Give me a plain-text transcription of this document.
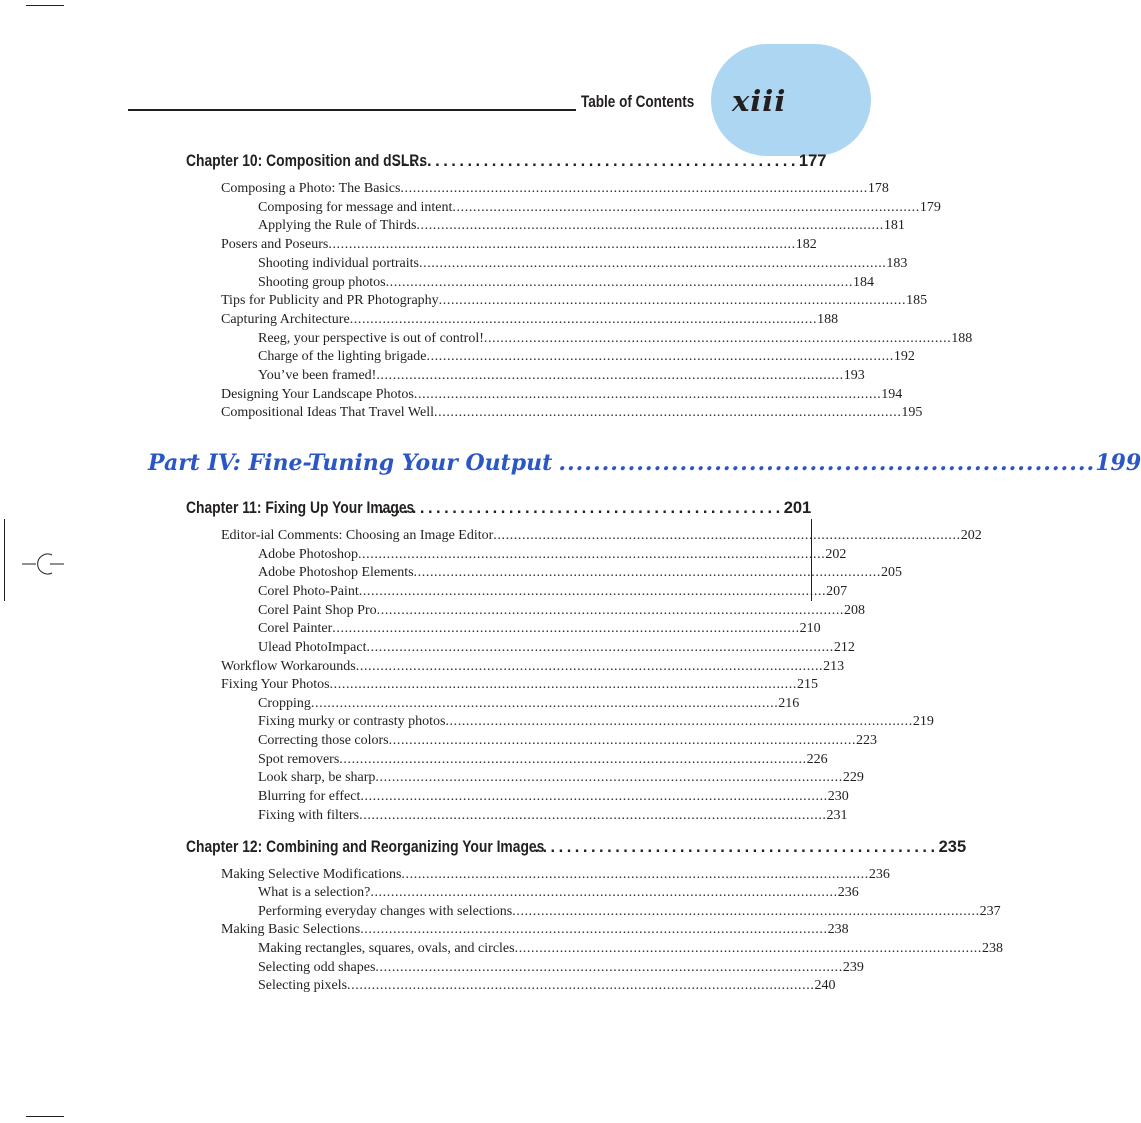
Table of Contents xiii
Chapter 10: Composition and dSLRs
.................................................. 177
Composing a Photo: The Basics .................................................................................................................. 178
Composing for message and intent .................................................................................................................. 179
Applying the Rule of Thirds .................................................................................................................. 181
Posers and Poseurs .................................................................................................................. 182
Shooting individual portraits .................................................................................................................. 183
Shooting group photos .................................................................................................................. 184
Tips for Publicity and PR Photography .................................................................................................................. 185
Capturing Architecture .................................................................................................................. 188
Reeg, your perspective is out of control! .................................................................................................................. 188
Charge of the lighting brigade .................................................................................................................. 192
You’ve been framed! .................................................................................................................. 193
Designing Your Landscape Photos .................................................................................................................. 194
Compositional Ideas That Travel Well .................................................................................................................. 195
Part IV: Fine-Tuning Your Output .............................................................. 199
Chapter 11: Fixing Up Your Images
.................................................. 201
Editor-ial Comments: Choosing an Image Editor .................................................................................................................. 202
Adobe Photoshop .................................................................................................................. 202
Adobe Photoshop Elements .................................................................................................................. 205
Corel Photo-Paint .................................................................................................................. 207
Corel Paint Shop Pro .................................................................................................................. 208
Corel Painter .................................................................................................................. 210
Ulead PhotoImpact .................................................................................................................. 212
Workflow Workarounds .................................................................................................................. 213
Fixing Your Photos .................................................................................................................. 215
Cropping .................................................................................................................. 216
Fixing murky or contrasty photos .................................................................................................................. 219
Correcting those colors .................................................................................................................. 223
Spot removers .................................................................................................................. 226
Look sharp, be sharp .................................................................................................................. 229
Blurring for effect .................................................................................................................. 230
Fixing with filters .................................................................................................................. 231
Chapter 12: Combining and Reorganizing Your Images
.................................................. 235
Making Selective Modifications .................................................................................................................. 236
What is a selection? .................................................................................................................. 236
Performing everyday changes with selections .................................................................................................................. 237
Making Basic Selections .................................................................................................................. 238
Making rectangles, squares, ovals, and circles .................................................................................................................. 238
Selecting odd shapes .................................................................................................................. 239
Selecting pixels .................................................................................................................. 240
